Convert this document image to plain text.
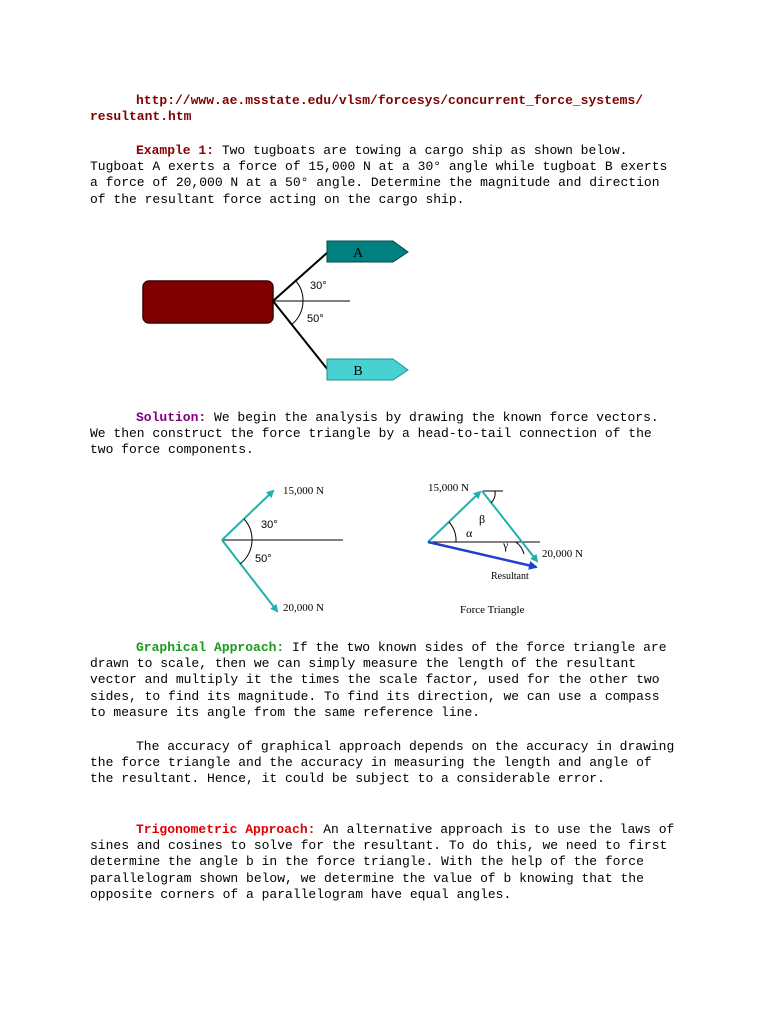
http://www.ae.msstate.edu/vlsm/forcesys/concurrent_force_systems/
resultant.htm

Example 1: Two tugboats are towing a cargo ship as shown below. Tugboat A exerts a force of 15,000 N at a 30° angle while tugboat B exerts a force of 20,000 N at a 50° angle. Determine the magnitude and direction of the resultant force acting on the cargo ship.

A
B
30°
50°

Solution: We begin the analysis by drawing the known force vectors. We then construct the force triangle by a head-to-tail connection of the two force components.

15,000 N
20,000 N
30°
50°
15,000 N
20,000 N
β
α
γ
Resultant
Force Triangle

Graphical Approach: If the two known sides of the force triangle are drawn to scale, then we can simply measure the length of the resultant vector and multiply it the times the scale factor, used for the other two sides, to find its magnitude. To find its direction, we can use a compass to measure its angle from the same reference line.

The accuracy of graphical approach depends on the accuracy in drawing the force triangle and the accuracy in measuring the length and angle of the resultant. Hence, it could be subject to a considerable error.

Trigonometric Approach: An alternative approach is to use the laws of sines and cosines to solve for the resultant. To do this, we need to first determine the angle b in the force triangle. With the help of the force parallelogram shown below, we determine the value of b knowing that the opposite corners of a parallelogram have equal angles.
